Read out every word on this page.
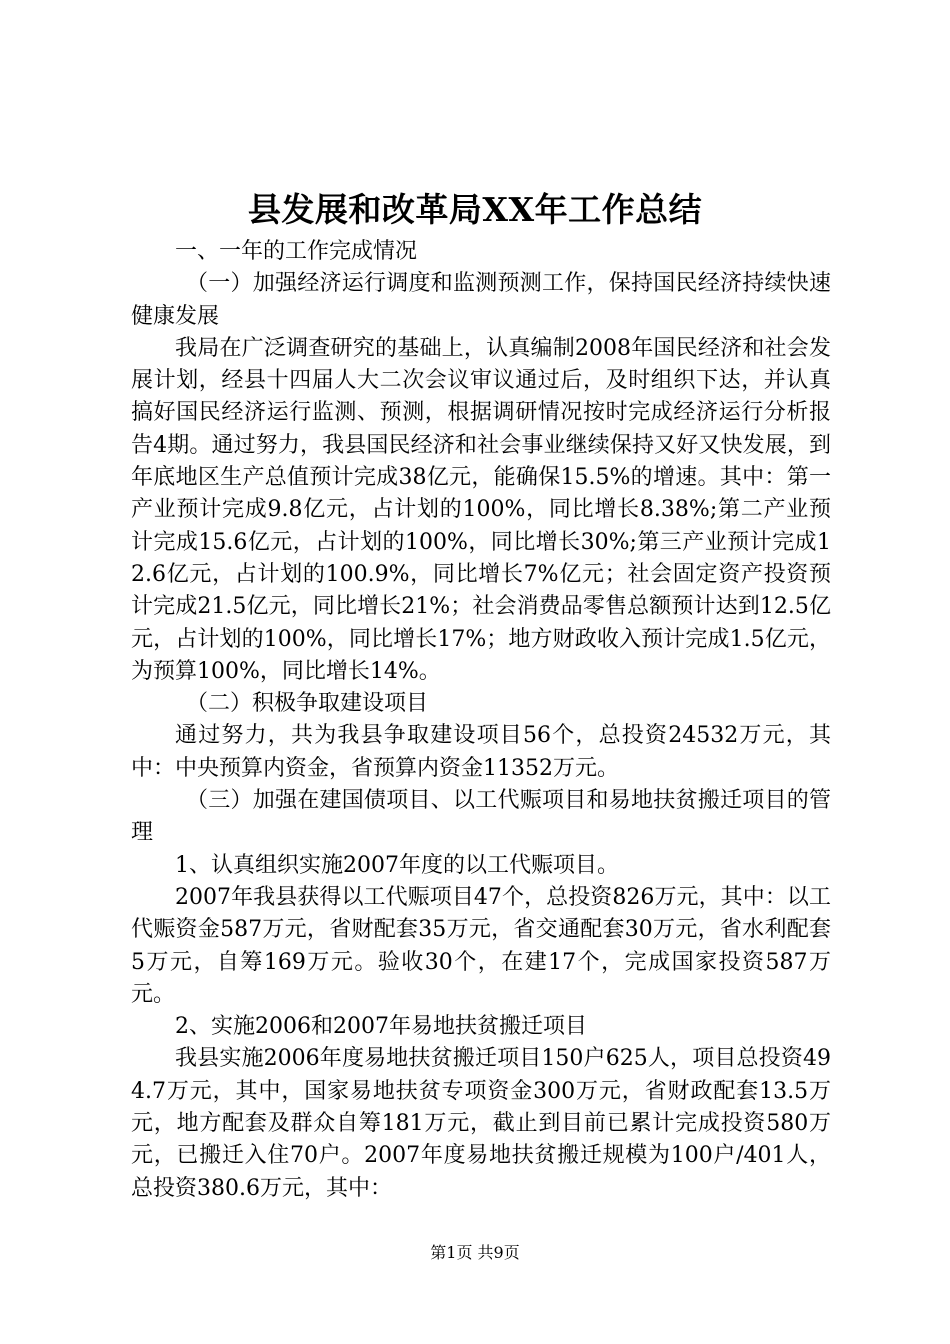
县发展和改革局XX年工作总结

一、一年的工作完成情况

（一）加强经济运行调度和监测预测工作，保持国民经济持续快速健康发展

我局在广泛调查研究的基础上，认真编制2008年国民经济和社会发展计划，经县十四届人大二次会议审议通过后，及时组织下达，并认真搞好国民经济运行监测、预测，根据调研情况按时完成经济运行分析报告4期。通过努力，我县国民经济和社会事业继续保持又好又快发展，到年底地区生产总值预计完成38亿元，能确保15.5%的增速。其中：第一产业预计完成9.8亿元，占计划的100%，同比增长8.38%;第二产业预计完成15.6亿元，占计划的100%，同比增长30%;第三产业预计完成12.6亿元，占计划的100.9%，同比增长7%亿元；社会固定资产投资预计完成21.5亿元，同比增长21%；社会消费品零售总额预计达到12.5亿元，占计划的100%，同比增长17%；地方财政收入预计完成1.5亿元，为预算100%，同比增长14%。

（二）积极争取建设项目

通过努力，共为我县争取建设项目56个，总投资24532万元，其中：中央预算内资金，省预算内资金11352万元。

（三）加强在建国债项目、以工代赈项目和易地扶贫搬迁项目的管理

1、认真组织实施2007年度的以工代赈项目。

2007年我县获得以工代赈项目47个，总投资826万元，其中：以工代赈资金587万元，省财配套35万元，省交通配套30万元，省水利配套5万元，自筹169万元。验收30个，在建17个，完成国家投资587万元。

2、实施2006和2007年易地扶贫搬迁项目

我县实施2006年度易地扶贫搬迁项目150户625人，项目总投资494.7万元，其中，国家易地扶贫专项资金300万元，省财政配套13.5万元，地方配套及群众自筹181万元，截止到目前已累计完成投资580万元，已搬迁入住70户。2007年度易地扶贫搬迁规模为100户/401人，总投资380.6万元，其中：

第1页 共9页
